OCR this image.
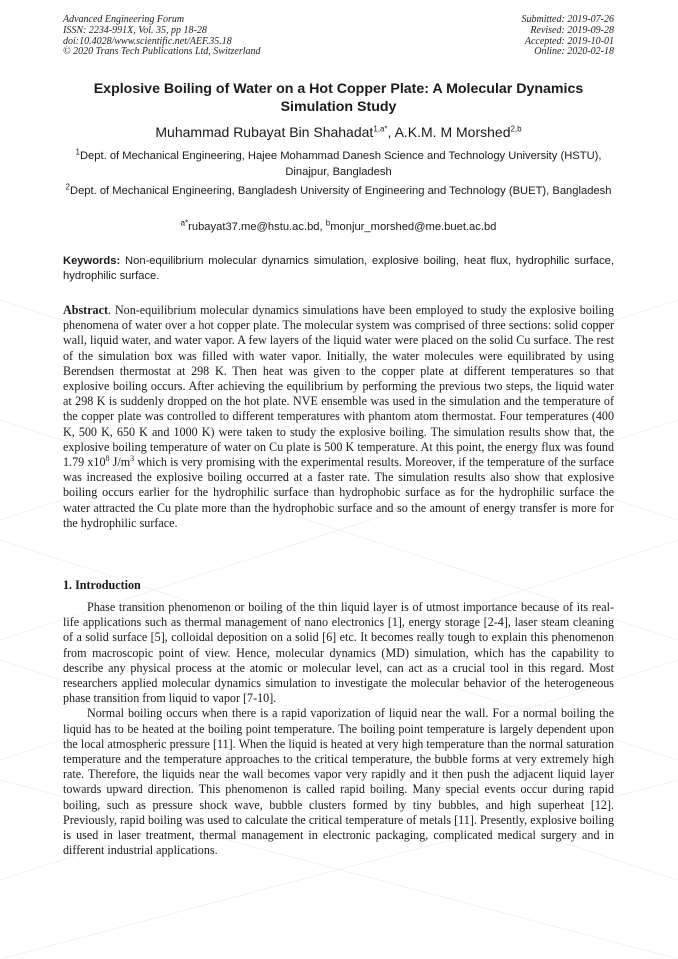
Advanced Engineering Forum
ISSN: 2234-991X, Vol. 35, pp 18-28
doi:10.4028/www.scientific.net/AEF.35.18
© 2020 Trans Tech Publications Ltd, Switzerland
Submitted: 2019-07-26
Revised: 2019-09-28
Accepted: 2019-10-01
Online: 2020-02-18
Explosive Boiling of Water on a Hot Copper Plate: A Molecular Dynamics Simulation Study
Muhammad Rubayat Bin Shahadat$^{1,a*}$, A.K.M. M Morshed$^{2,b}$
$^1$Dept. of Mechanical Engineering, Hajee Mohammad Danesh Science and Technology University (HSTU), Dinajpur, Bangladesh
$^2$Dept. of Mechanical Engineering, Bangladesh University of Engineering and Technology (BUET), Bangladesh
$^{a*}$rubayat37.me@hstu.ac.bd, $^b$monjur_morshed@me.buet.ac.bd
Keywords: Non-equilibrium molecular dynamics simulation, explosive boiling, heat flux, hydrophilic surface, hydrophilic surface.
Abstract. Non-equilibrium molecular dynamics simulations have been employed to study the explosive boiling phenomena of water over a hot copper plate. The molecular system was comprised of three sections: solid copper wall, liquid water, and water vapor. A few layers of the liquid water were placed on the solid Cu surface. The rest of the simulation box was filled with water vapor. Initially, the water molecules were equilibrated by using Berendsen thermostat at 298 K. Then heat was given to the copper plate at different temperatures so that explosive boiling occurs. After achieving the equilibrium by performing the previous two steps, the liquid water at 298 K is suddenly dropped on the hot plate. NVE ensemble was used in the simulation and the temperature of the copper plate was controlled to different temperatures with phantom atom thermostat. Four temperatures (400 K, 500 K, 650 K and 1000 K) were taken to study the explosive boiling. The simulation results show that, the explosive boiling temperature of water on Cu plate is 500 K temperature. At this point, the energy flux was found 1.79 $x10^8$ $J/m^3$ which is very promising with the experimental results. Moreover, if the temperature of the surface was increased the explosive boiling occurred at a faster rate. The simulation results also show that explosive boiling occurs earlier for the hydrophilic surface than hydrophobic surface as for the hydrophilic surface the water attracted the Cu plate more than the hydrophobic surface and so the amount of energy transfer is more for the hydrophilic surface.
1. Introduction

Phase transition phenomenon or boiling of the thin liquid layer is of utmost importance because of its real-life applications such as thermal management of nano electronics [1], energy storage [2-4], laser steam cleaning of a solid surface [5], colloidal deposition on a solid [6] etc. It becomes really tough to explain this phenomenon from macroscopic point of view. Hence, molecular dynamics (MD) simulation, which has the capability to describe any physical process at the atomic or molecular level, can act as a crucial tool in this regard. Most researchers applied molecular dynamics simulation to investigate the molecular behavior of the heterogeneous phase transition from liquid to vapor [7-10].

Normal boiling occurs when there is a rapid vaporization of liquid near the wall. For a normal boiling the liquid has to be heated at the boiling point temperature. The boiling point temperature is largely dependent upon the local atmospheric pressure [11]. When the liquid is heated at very high temperature than the normal saturation temperature and the temperature approaches to the critical temperature, the bubble forms at very extremely high rate. Therefore, the liquids near the wall becomes vapor very rapidly and it then push the adjacent liquid layer towards upward direction. This phenomenon is called rapid boiling. Many special events occur during rapid boiling, such as pressure shock wave, bubble clusters formed by tiny bubbles, and high superheat [12]. Previously, rapid boiling was used to calculate the critical temperature of metals [11]. Presently, explosive boiling is used in laser treatment, thermal management in electronic packaging, complicated medical surgery and in different industrial applications.
